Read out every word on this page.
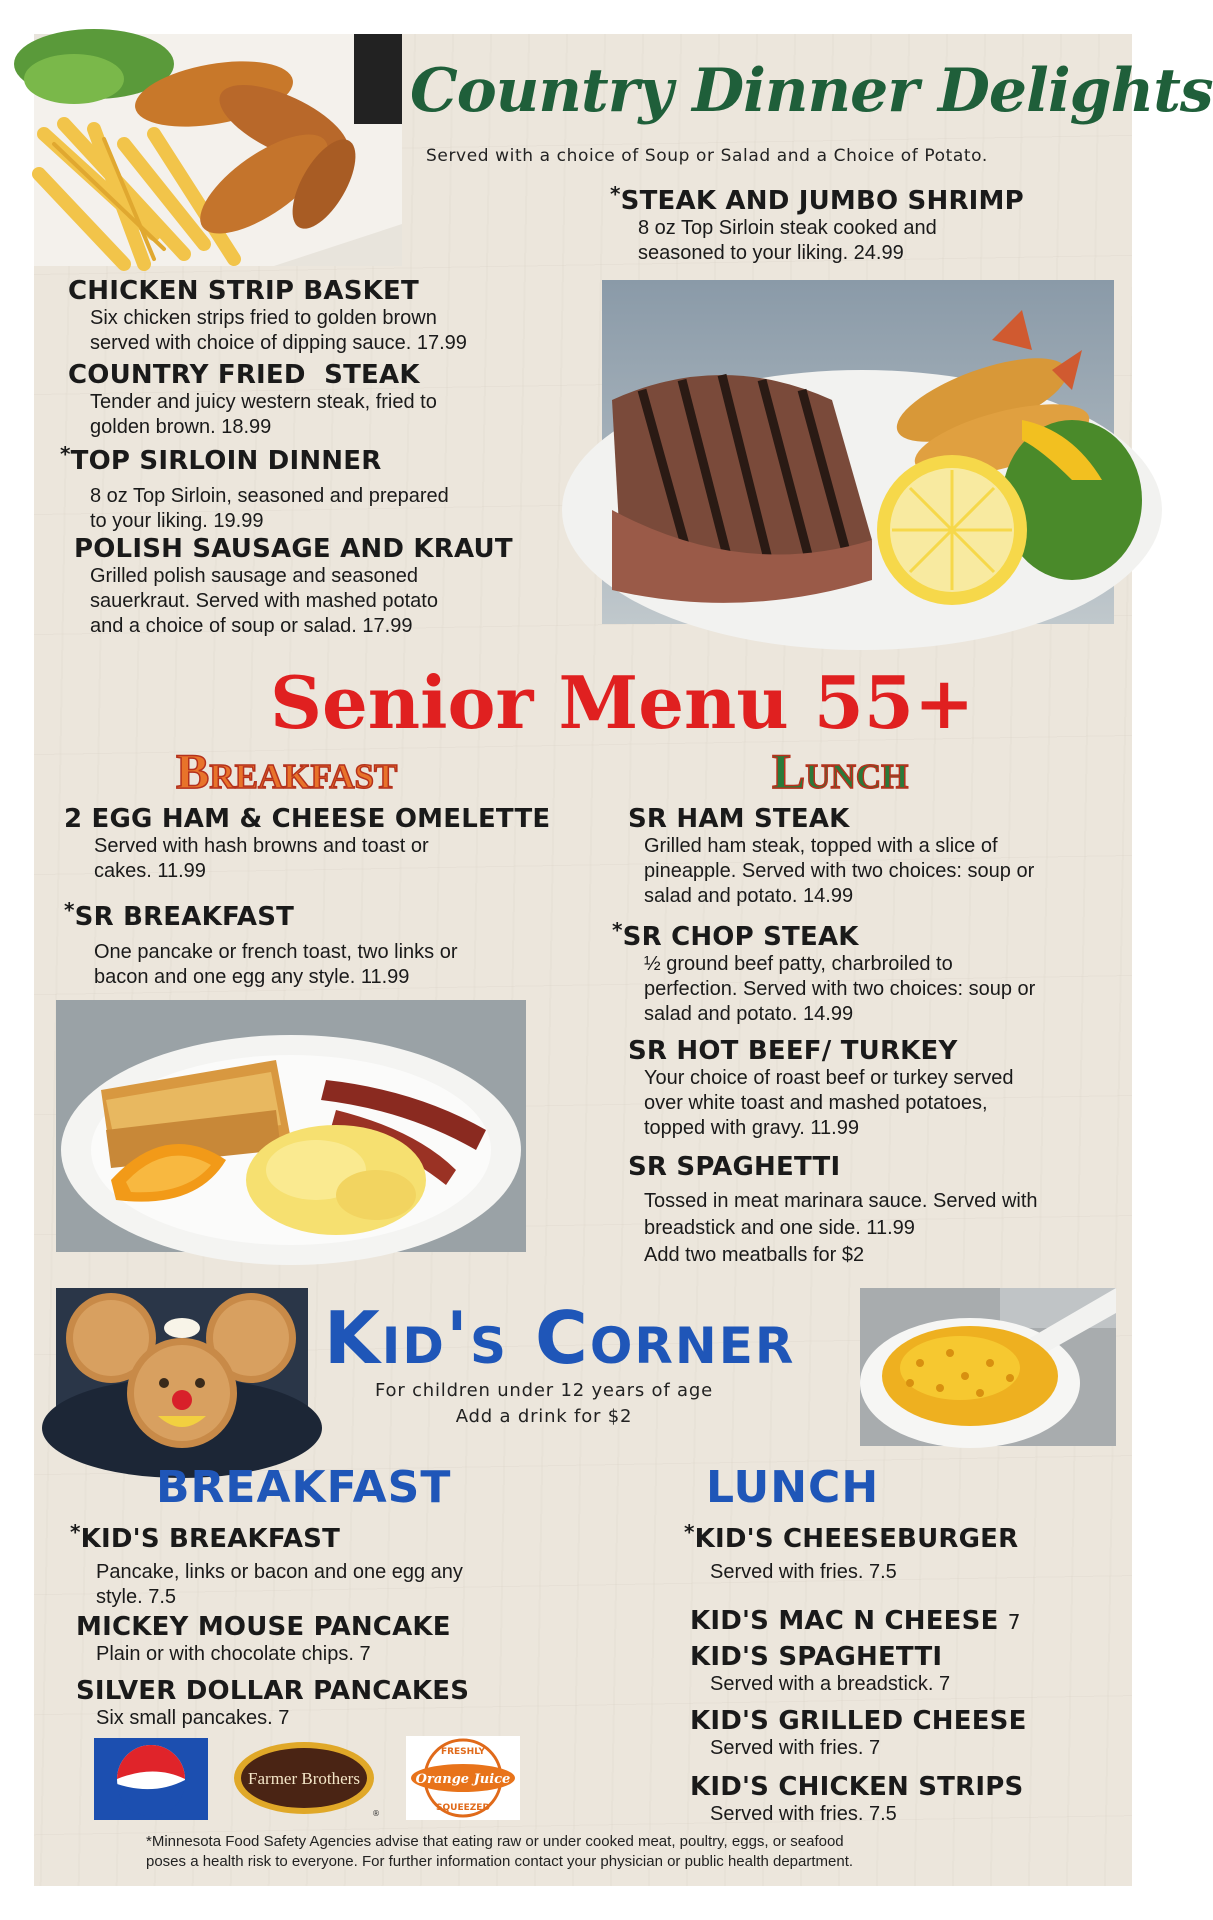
Country Dinner Delights
Served with a choice of Soup or Salad and a Choice of Potato.
*STEAK AND JUMBO SHRIMP
8 oz Top Sirloin steak cooked and
seasoned to your liking. 24.99
CHICKEN STRIP BASKET
Six chicken strips fried to golden brown
served with choice of dipping sauce. 17.99
COUNTRY FRIED  STEAK
Tender and juicy western steak, fried to
golden brown. 18.99
*TOP SIRLOIN DINNER
8 oz Top Sirloin, seasoned and prepared
to your liking. 19.99
POLISH SAUSAGE AND KRAUT
Grilled polish sausage and seasoned
sauerkraut. Served with mashed potato
and a choice of soup or salad. 17.99
Senior Menu 55+
Breakfast	Lunch
2 EGG HAM & CHEESE OMELETTE
Served with hash browns and toast or
cakes. 11.99
*SR BREAKFAST
One pancake or french toast, two links or
bacon and one egg any style. 11.99
SR HAM STEAK
Grilled ham steak, topped with a slice of
pineapple. Served with two choices: soup or
salad and potato. 14.99
*SR CHOP STEAK
½ ground beef patty, charbroiled to
perfection. Served with two choices: soup or
salad and potato. 14.99
SR HOT BEEF/ TURKEY
Your choice of roast beef or turkey served
over white toast and mashed potatoes,
topped with gravy. 11.99
SR SPAGHETTI
Tossed in meat marinara sauce. Served with
breadstick and one side. 11.99
Add two meatballs for $2
Kid's Corner
For children under 12 years of age
Add a drink for $2
BREAKFAST	LUNCH
*KID'S BREAKFAST
Pancake, links or bacon and one egg any
style. 7.5
MICKEY MOUSE PANCAKE
Plain or with chocolate chips. 7
SILVER DOLLAR PANCAKES
Six small pancakes. 7
*KID'S CHEESEBURGER
Served with fries. 7.5
KID'S MAC N CHEESE 7
KID'S SPAGHETTI
Served with a breadstick. 7
KID'S GRILLED CHEESE
Served with fries. 7
KID'S CHICKEN STRIPS
Served with fries. 7.5
Farmer Brothers
®
Orange Juice
FRESHLY
SQUEEZED
*Minnesota Food Safety Agencies advise that eating raw or under cooked meat, poultry, eggs, or seafood
poses a health risk to everyone. For further information contact your physician or public health department.
